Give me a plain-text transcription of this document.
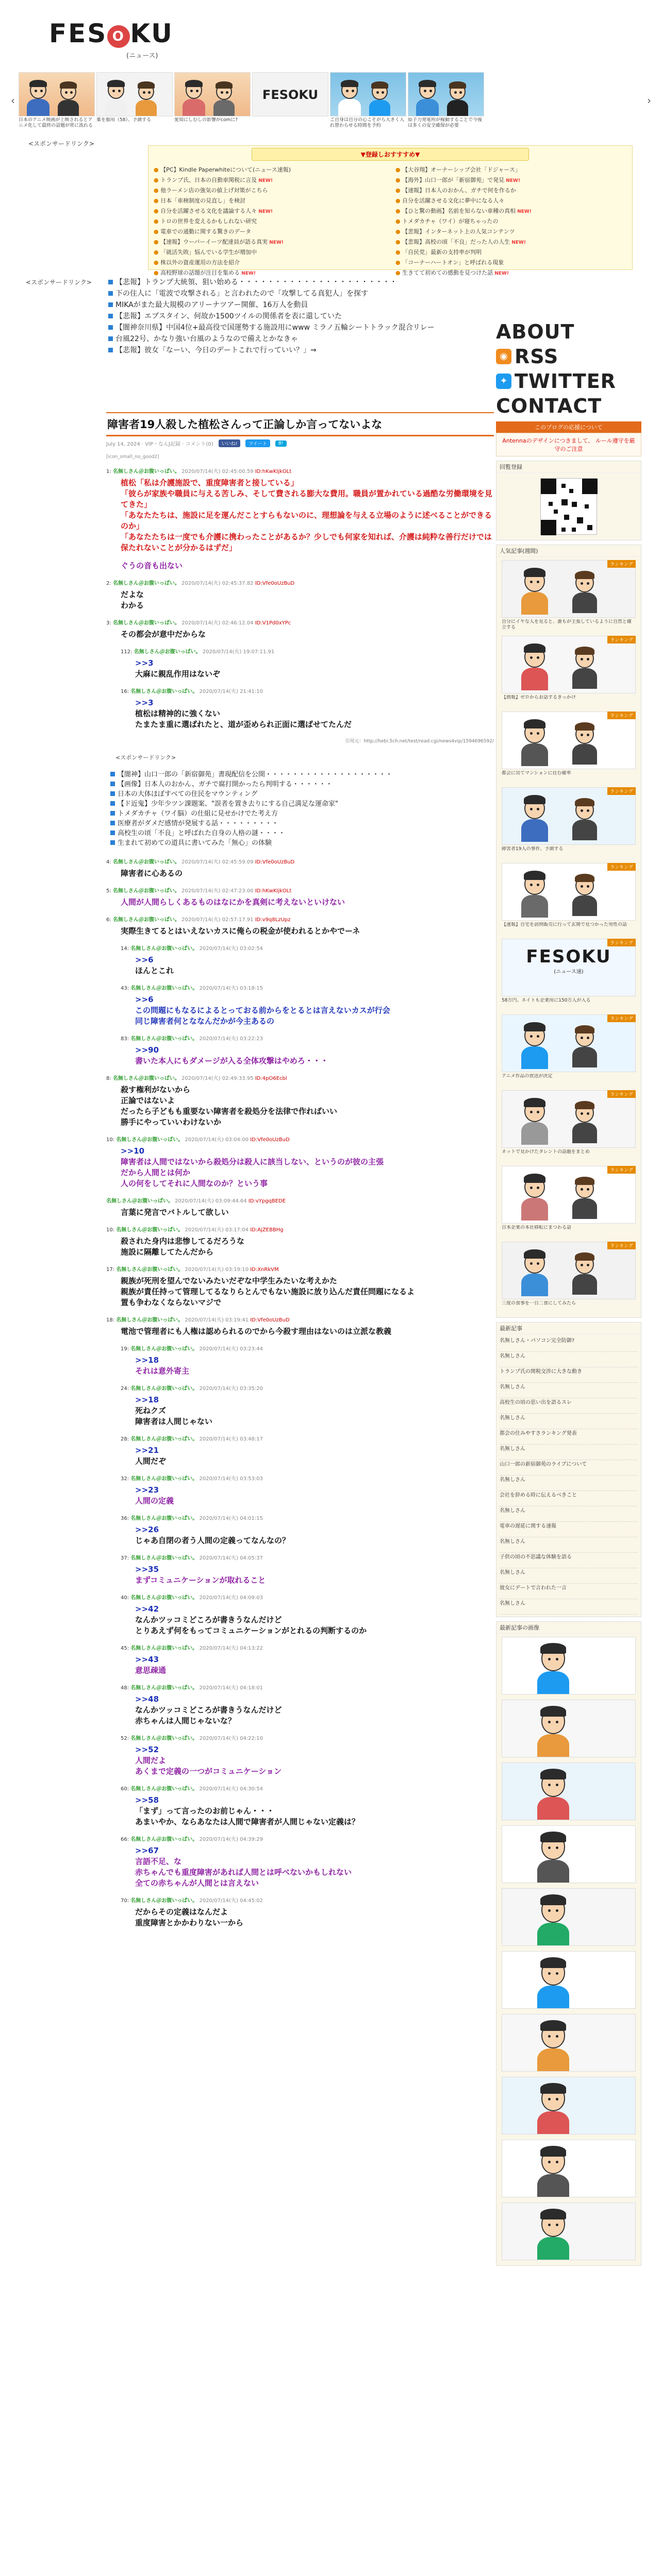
FES O KU
(ニュース)
‹
日本のアニメ映画が上映されるとアニメ化して最終の話題が常に流れる
薬を服用（58）、予測する	愛知にしむしの影響がcomに?
FESOKU
ご自身は自分の心こそがら大きく入れ替わらせる時間を予約
原子力発電所が稼動することで今後は多くの安全確保が必要
›
<スポンサードリンク>
▼登録しおすすすめ▼
● 【PC】Kindle Paperwhiteについて(ニュース速報)
● トランプ氏、日本の自動車関税に言及 NEW!
● 他ラーメン店の強気の値上げ対策がこちら
● 日本「車検制度の見直し」を検討
● 自分を活躍させる文化を議論する人々 NEW!
● トロの世界を変えるかもしれない研究
● 電車での通勤に関する驚きのデータ
● 【速報】ウーバーイーツ配達員が語る真実 NEW!
● 「就活失敗」悩んでいる学生が増加中
● 株以外の資産運用の方法を紹介
● 高校野球の話題が注目を集める NEW!
● 【大谷翔】オーナーシップ会社「ドジャース」
● 【海外】山口一郎が「新宿御苑」で発見 NEW!
● 【速報】日本人のおかん、ガチで何を作るか
● 自分を活躍させる文化に夢中になる人々
● 【ひと驚の動画】名前を知らない車種の真相 NEW!
● トメダカチャ（ワイ）が寝ちゃったの
● 【悲報】インターネット上の人気コンテンツ
● 【悲報】高校の頃「不良」だった人の人生 NEW!
● 「自民党」最新の支持率が判明
● 「コーナーハートオン」と呼ばれる現象
● 生きてて初めての感動を見つけた話 NEW!
<スポンサードリンク>	【悲報】トランプ大統領、狙い始める・・・・・・・・・・・・・・・・・・・・・・
下の住人に「電波で攻撃される」と言われたので「攻撃してる真犯人」を探す
MIKAがまた最大規模のアリーナツアー開催、16万人を動員
【悲報】エプスタイン、何故か1500ツイルの関係者を表に還していた
【闇神奈川県】中国4位+最高役で国運勢する施設用にwww ミラノ五輪シートトラック混合リレー
台風22号、かなり強い台風のようなので備えとかなきゃ
【悲報】彼女「なーい、今日のデートこれで行っていい？」⇒
障害者19人殺した植松さんって正論しか言ってないよな
July 14, 2024 · VIP・なんJ記録 · コメント(0)	いいね!	ツイート	B!
[icon_small_no_good2]
1: 名無しさん＠お腹いっぱい。 2020/07/14(火) 02:45:00.59 ID:hKwKIjkOLt
植松「私は介護施設で、重度障害者と接している」
「彼らが家族や職員に与える苦しみ、そして費される膨大な費用。職員が置かれている過酷な労働環境を見てきた」
「あなたたちは、施設に足を運んだことすらもないのに、理想論を与える立場のように述べることができるのか」
「あなたたちは一度でも介護に携わったことがあるか？少しでも何家を知れば、介護は純粋な善行だけでは保たれないことが分かるはずだ」
ぐうの音も出ない
2: 名無しさん＠お腹いっぱい。 2020/07/14(火) 02:45:37.82 ID:Vfe0oUzBuD
だよな
わかる
3: 名無しさん＠お腹いっぱい。 2020/07/14(火) 02:46:12.04 ID:V1Pd0xYPc
その都会が意中だからな
112: 名無しさん＠お腹いっぱい。 2020/07/14(火) 19:07:11.91
>>3
大麻に親乱作用はないぞ
16: 名無しさん＠お腹いっぱい。 2020/07/14(火) 21:41:10
>>3
植松は精神的に強くない
たまたま重に選ばれたと、道が歪められ正面に選ばせてたんだ
引用元：http://hebi.5ch.net/test/read.cgi/news4vip/1594696592/
<スポンサードリンク>
【闇神】山口一郎の「新宿御苑」書現配信を公開・・・・・・・・・・・・・・・・・・・
【画像】日本人のおかん、ガチで腐打開かったら判明する・・・・・・
日本の大体ほぼすべての住民をマウンティング
【ド近鬼】少年少ツン課題案、"誤者を置き去りにする自己満足な運命家"
トメダカチャ（ワイ脳）の仕組に見せかけでた考え方
医療者がダメだ感情が発展する話・・・・・・・・・
高校生の頃「不良」と呼ばれた自身の人格の謎・・・・
生まれて初めての道具に書いてみた「無心」の体験
4: 名無しさん＠お腹いっぱい。 2020/07/14(火) 02:45:59.09 ID:Vfe0oUzBuD
障害者に心あるの
5: 名無しさん＠お腹いっぱい。 2020/07/14(火) 02:47:23.00 ID:hKwKIjkOLt
人間が人間らしくあるものはなにかを真剣に考えないといけない
6: 名無しさん＠お腹いっぱい。 2020/07/14(火) 02:57:17.91 ID:v9q8LzUpz
実際生きてるとはいえないカスに俺らの税金が使われるとかやでーネ
14: 名無しさん＠お腹いっぱい。 2020/07/14(火) 03:02:54
>>6
ほんとこれ
43: 名無しさん＠お腹いっぱい。 2020/07/14(火) 03:18:15
>>6
この問題にもなるによるとっておる前からをとるとは言えないカスが行会
同じ障害者何とななんだかが今主あるの
83: 名無しさん＠お腹いっぱい。 2020/07/14(火) 03:22:23
>>90
書いた本人にもダメージが入る全体攻撃はやめろ・・・
8: 名無しさん＠お腹いっぱい。 2020/07/14(火) 02:49:33.95 ID:4pO6Ecbl
殺す権利がないから
正論ではないよ
だったら子どもも重要ない障害者を殺処分を法律で作ればいい
勝手にやっていいわけないか
10: 名無しさん＠お腹いっぱい。 2020/07/14(火) 03:04:00 ID:Vfe0oUzBuD
>>10
障害者は人間ではないから殺処分は殺人に該当しない、というのが彼の主張
だから人間とは何か
人の何をしてそれに人間なのか？という事
名無しさん＠お腹いっぱい。 2020/07/14(火) 03:09:44.64 ID:vYpgqBEDE
言葉に発言でバトルして欲しい
10: 名無しさん＠お腹いっぱい。 2020/07/14(火) 03:17:04 ID:AjZEBBHg
殺された身内は悲惨してるだろうな
施設に隔離してたんだから
17: 名無しさん＠お腹いっぱい。 2020/07/14(火) 03:19:10 ID:XnRkVM
親族が死刑を望んでないみたいだぞな中学生みたいな考えかた
親族が責任持って管理してるなりらとんでもない施設に放り込んだ責任問題になるよ
置も争わなくならないマジで
18: 名無しさん＠お腹いっぱい。 2020/07/14(火) 03:19:41 ID:Vfe0oUzBuD
電池で管理者にも人権は認められるのでから今殺す理由はないのは立派な教義
19: 名無しさん＠お腹いっぱい。 2020/07/14(火) 03:23:44
>>18
それは意外寄主
24: 名無しさん＠お腹いっぱい。 2020/07/14(火) 03:35:20
>>18
死ねクズ
障害者は人間じゃない
28: 名無しさん＠お腹いっぱい。 2020/07/14(火) 03:48:17
>>21
人間だぞ
32: 名無しさん＠お腹いっぱい。 2020/07/14(火) 03:53:03
>>23
人間の定義
36: 名無しさん＠お腹いっぱい。 2020/07/14(火) 04:01:15
>>26
じゃあ自閉の者う人間の定義ってなんなの？
37: 名無しさん＠お腹いっぱい。 2020/07/14(火) 04:05:37
>>35
まずコミュニケーションが取れること
40: 名無しさん＠お腹いっぱい。 2020/07/14(火) 04:09:03
>>42
なんかツッコミどころが書きうなんだけど
とりあえず何をもってコミュニケーションがとれるの判断するのか
45: 名無しさん＠お腹いっぱい。 2020/07/14(火) 04:13:22
>>43
意思疎通
48: 名無しさん＠お腹いっぱい。 2020/07/14(火) 04:18:01
>>48
なんかツッコミどころが書きうなんだけど
赤ちゃんは人間じゃないな？
52: 名無しさん＠お腹いっぱい。 2020/07/14(火) 04:22:10
>>52
人間だよ
あくまで定義の一つがコミュニケーション
60: 名無しさん＠お腹いっぱい。 2020/07/14(火) 04:30:54
>>58
「まず」って言ったのお前じゃん・・・
あまいやか、ならあなたは人間で障害者が人間じゃない定義は？
66: 名無しさん＠お腹いっぱい。 2020/07/14(火) 04:39:29
>>67
言語不足、な
赤ちゃんでも重度障害があれば人間とは呼べないかもしれない
全ての赤ちゃんが人間とは言えない
70: 名無しさん＠お腹いっぱい。 2020/07/14(火) 04:45:02
だからその定義はなんだよ
重度障害とかかわりない一から
ABOUT
◉ RSS
✦ TWITTER
CONTACT
このブログの応援について
Antennaのデザインにつきまして、 ルール遵守を厳守のご注意
回覧登録
人気記事(週間)
ランキング
自分にイヤな人を見ると、誰もが主張しているように自然と確立する
ランキング
【朗報】ゼロからお話するきっかけ
ランキング
都会に出てマンションに住む確率
ランキング
障害者19人の事件、予測する
ランキング
【速報】自宅を訪問販売に行って玄関で見つかった男性の話
ランキング
FESOKU
(ニュース速)
58万円。ネイトも企業用に150万人が入る
ランキング
アニメ作品の放送が決定
ランキング
ネットで見かけたタレントの話題をまとめ
ランキング
日本企業の本社移転にまつわる話
ランキング
三度の食事を一日二食にしてみたら
最新記事
名無しさん・パソコン完全防御?
名無しさん
トランプ氏の関税交渉に大きな動き
名無しさん
高校生の頃の思い出を語るスレ
名無しさん
都会の住みやすさランキング発表
名無しさん
山口一郎の新宿御苑のライブについて
名無しさん
会社を辞める時に伝えるべきこと
名無しさん
電車の遅延に関する速報
名無しさん
子供の頃の不思議な体験を語る
名無しさん
彼女にデートで言われた一言
名無しさん
最新記事の画像
